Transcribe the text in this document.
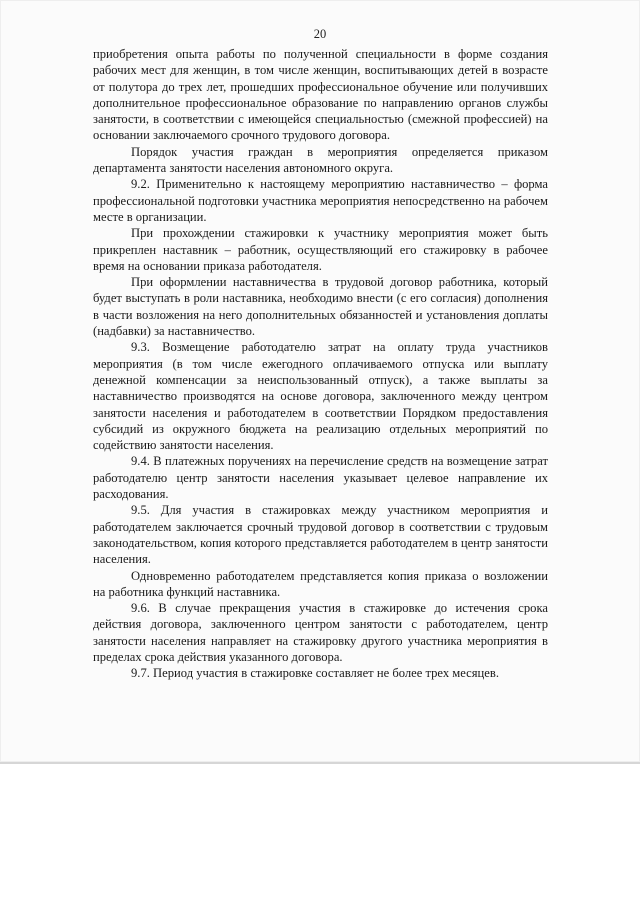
20

приобретения опыта работы по полученной специальности в форме создания рабочих мест для женщин, в том числе женщин, воспитывающих детей в возрасте от полутора до трех лет, прошедших профессиональное обучение или получивших дополнительное профессиональное образование по направлению органов службы занятости, в соответствии с имеющейся специальностью (смежной профессией) на основании заключаемого срочного трудового договора.

Порядок участия граждан в мероприятия определяется приказом департамента занятости населения автономного округа.

9.2. Применительно к настоящему мероприятию наставничество – форма профессиональной подготовки участника мероприятия непосредственно на рабочем месте в организации.

При прохождении стажировки к участнику мероприятия может быть прикреплен наставник – работник, осуществляющий его стажировку в рабочее время на основании приказа работодателя.

При оформлении наставничества в трудовой договор работника, который будет выступать в роли наставника, необходимо внести (с его согласия) дополнения в части возложения на него дополнительных обязанностей и установления доплаты (надбавки) за наставничество.

9.3. Возмещение работодателю затрат на оплату труда участников мероприятия (в том числе ежегодного оплачиваемого отпуска или выплату денежной компенсации за неиспользованный отпуск), а также выплаты за наставничество производятся на основе договора, заключенного между центром занятости населения и работодателем в соответствии Порядком предоставления субсидий из окружного бюджета на реализацию отдельных мероприятий по содействию занятости населения.

9.4. В платежных поручениях на перечисление средств на возмещение затрат работодателю центр занятости населения указывает целевое направление их расходования.

9.5. Для участия в стажировках между участником мероприятия и работодателем заключается срочный трудовой договор в соответствии с трудовым законодательством, копия которого представляется работодателем в центр занятости населения.

Одновременно работодателем представляется копия приказа о возложении на работника функций наставника.

9.6. В случае прекращения участия в стажировке до истечения срока действия договора, заключенного центром занятости с работодателем, центр занятости населения направляет на стажировку другого участника мероприятия в пределах срока действия указанного договора.

9.7. Период участия в стажировке составляет не более трех месяцев.
